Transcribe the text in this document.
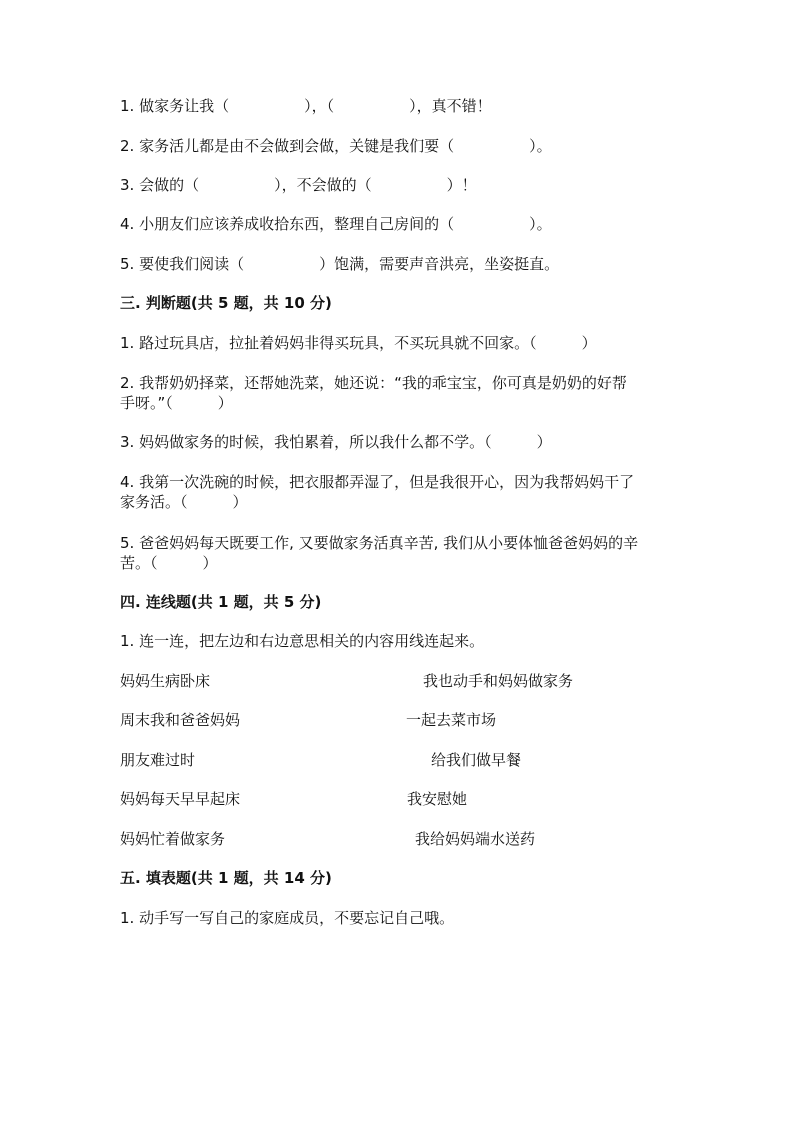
1. 做家务让我（　　　　　），（　　　　　），真不错！
2. 家务活儿都是由不会做到会做，关键是我们要（　　　　　）。
3. 会做的（　　　　　），不会做的（　　　　　）！
4. 小朋友们应该养成收拾东西，整理自己房间的（　　　　　）。
5. 要使我们阅读（　　　　　）饱满，需要声音洪亮，坐姿挺直。
三. 判断题(共 5 题，共 10 分)
1. 路过玩具店，拉扯着妈妈非得买玩具，不买玩具就不回家。（　　　）
2. 我帮奶奶择菜，还帮她洗菜，她还说：“我的乖宝宝，你可真是奶奶的好帮
手呀。”（　　　）
3. 妈妈做家务的时候，我怕累着，所以我什么都不学。（　　　）
4. 我第一次洗碗的时候，把衣服都弄湿了，但是我很开心，因为我帮妈妈干了
家务活。（　　　）
5. 爸爸妈妈每天既要工作, 又要做家务活真辛苦, 我们从小要体恤爸爸妈妈的辛
苦。（　　　）
四. 连线题(共 1 题，共 5 分)
1. 连一连，把左边和右边意思相关的内容用线连起来。
妈妈生病卧床	我也动手和妈妈做家务
周末我和爸爸妈妈	一起去菜市场
朋友难过时	给我们做早餐
妈妈每天早早起床	我安慰她
妈妈忙着做家务	我给妈妈端水送药
五. 填表题(共 1 题，共 14 分)
1. 动手写一写自己的家庭成员，不要忘记自己哦。
